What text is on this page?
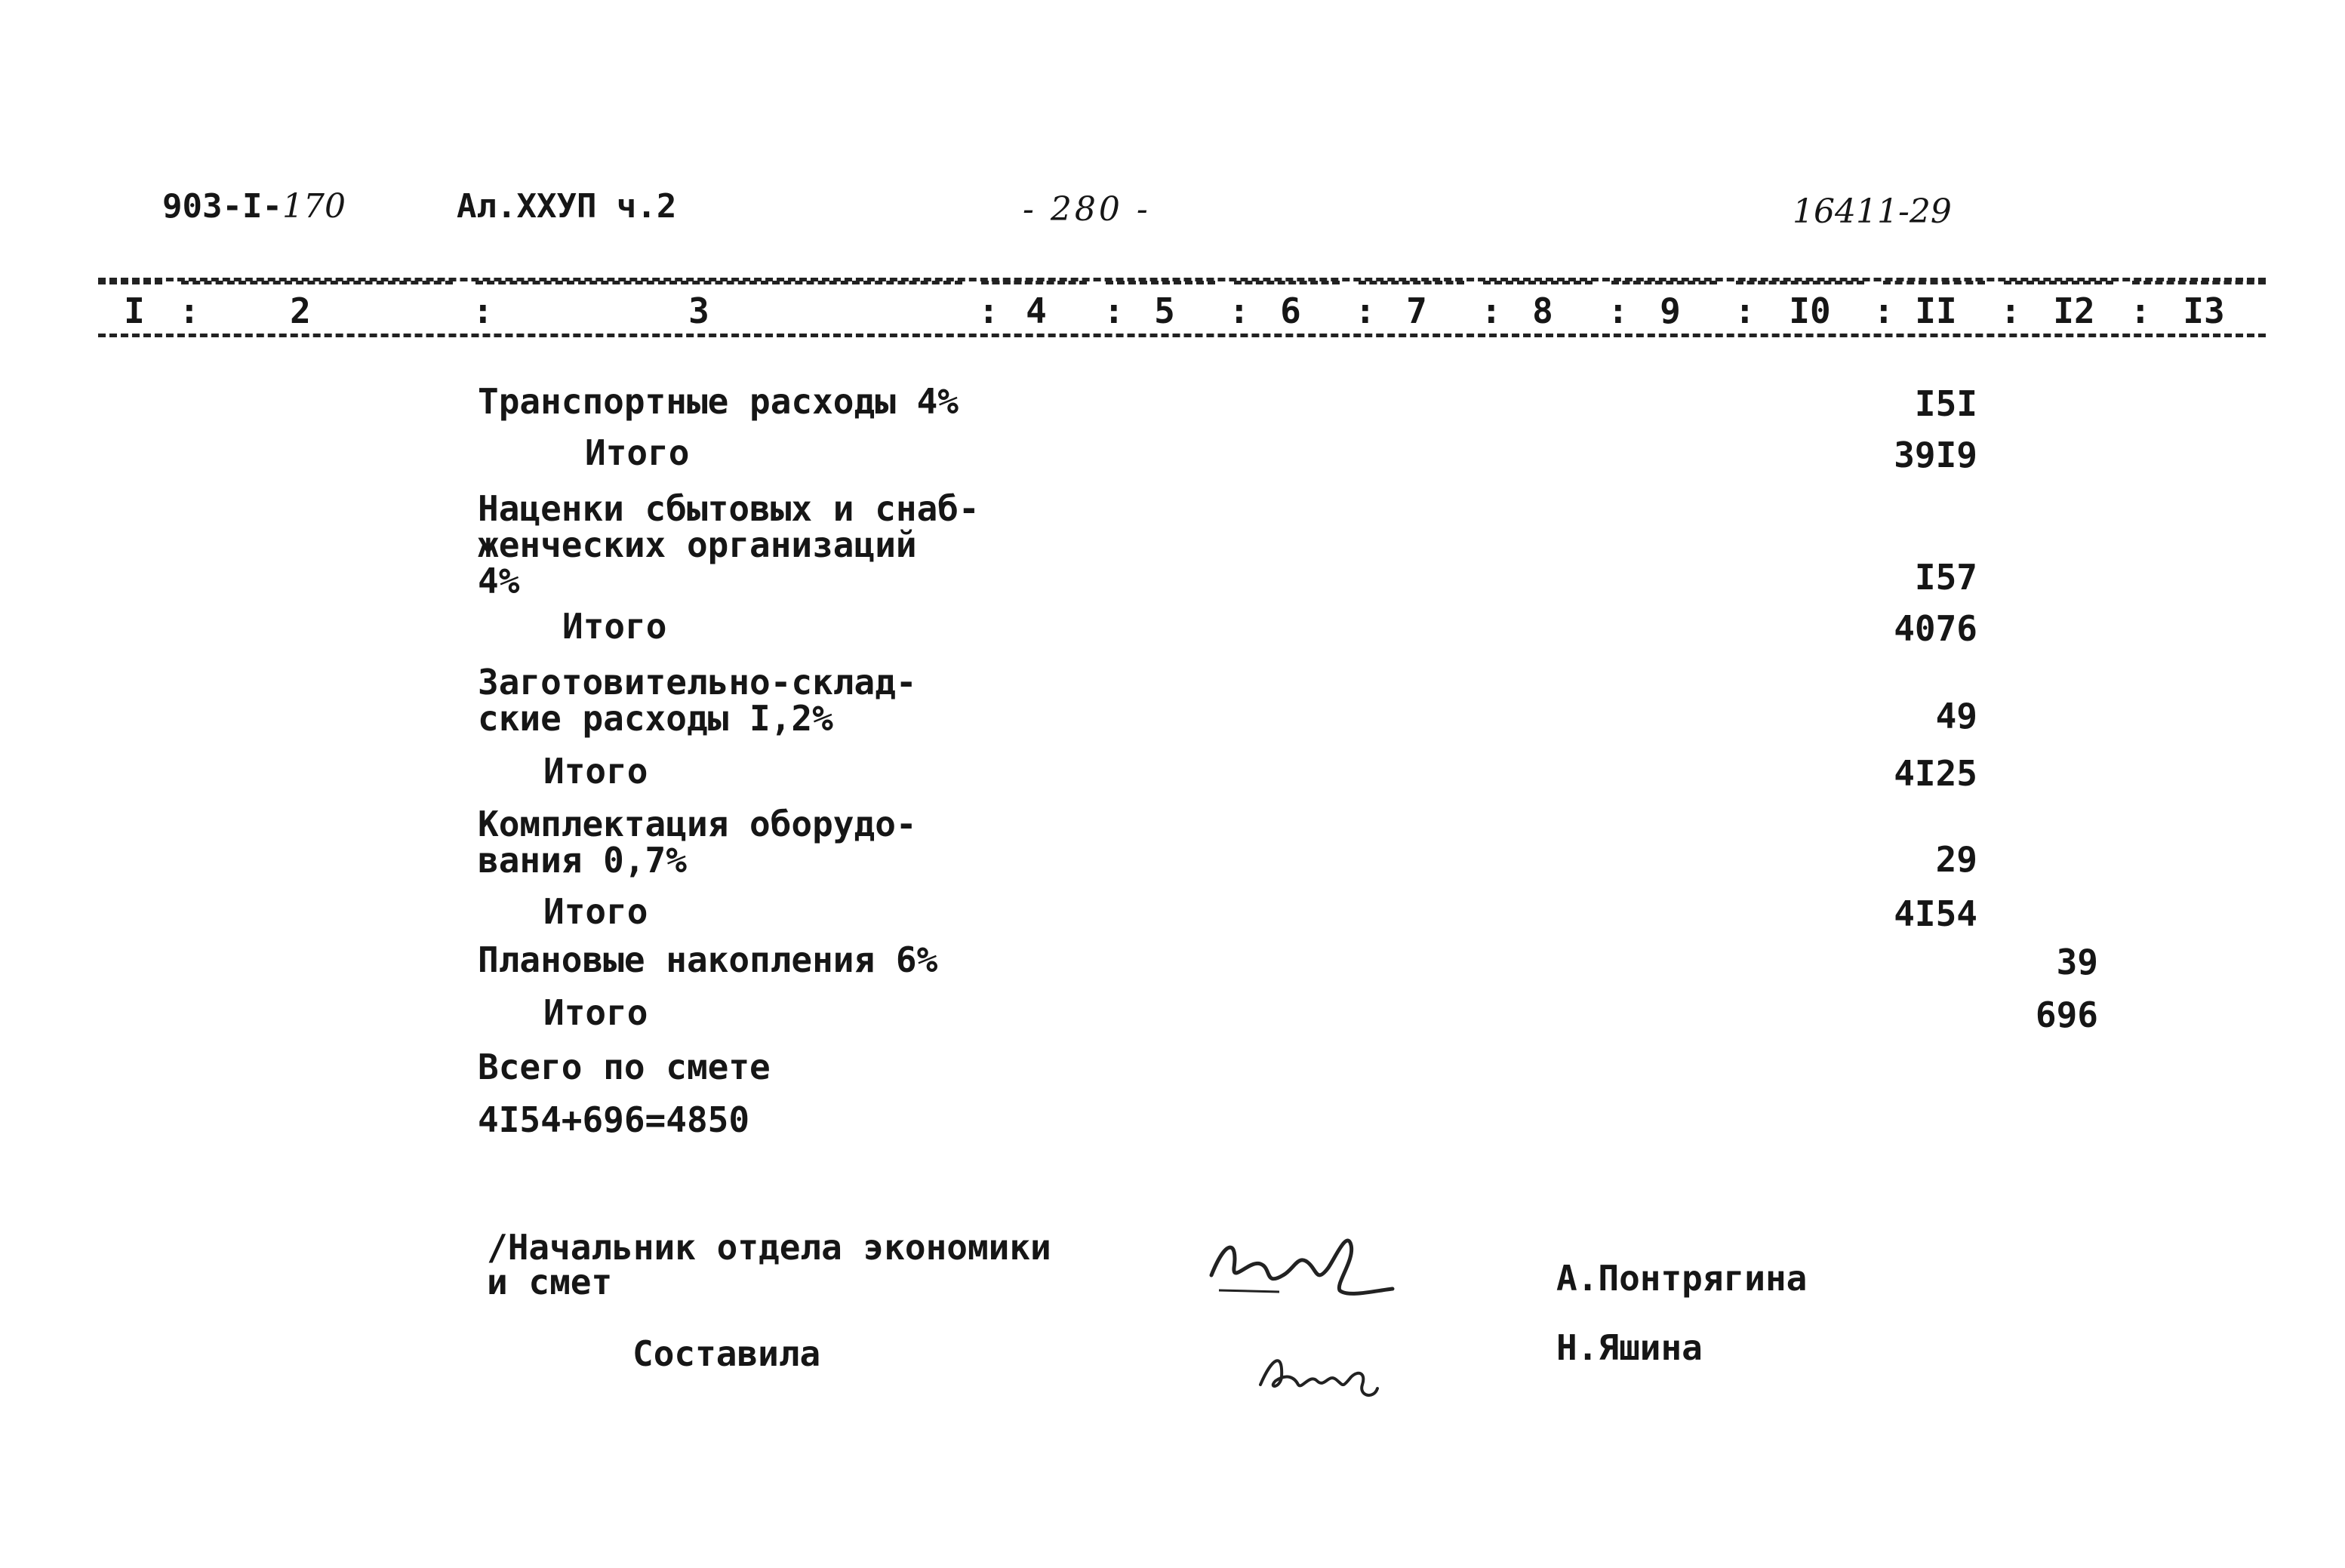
903-I-170	Ал.XXУП ч.2	- 280 -	16411-29
I	2	3	4	5	6	7	8	9	I0	II	I2	I3
:	:	:	:	:	:	:	:	:	:	:	:
Транспортные расходы 4%	I5I
Итого	39I9
Наценки сбытовых и снаб-
женческих организаций
4%	I57
Итого	4076
Заготовительно-склад-
ские расходы I,2%	49
Итого	4I25
Комплектация оборудо-
вания 0,7%	29
Итого	4I54
Плановые накопления 6%	39
Итого	696
Всего по смете
4I54+696=4850
/Начальник отдела экономики
и смет	А.Понтрягина
Составила	Н.Яшина
